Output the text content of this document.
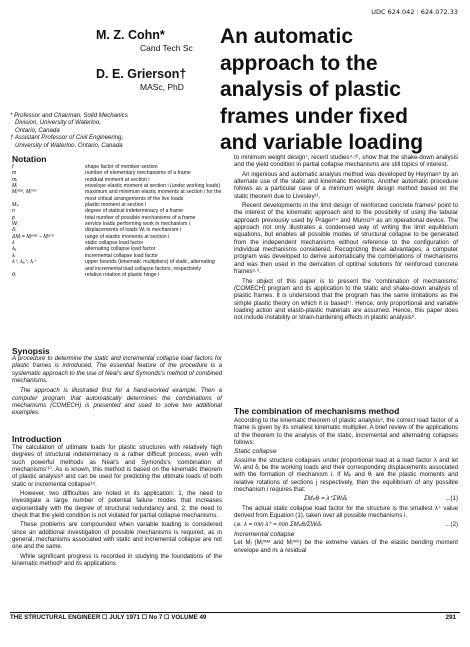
UDC 624.042 : 624.072.33
M. Z. Cohn*
Cand Tech Sc
D. E. Grierson†
MASc, PhD
An automatic
approach to the
analysis of plastic
frames under fixed
and variable loading

* Professor and Chairman, Solid Mechanics

Division, University of Waterloo,

Ontario, Canada

† Assistant Professor of Civil Engineering,

University of Waterloo, Ontario, Canada

Notation
f	shape factor of member section
m	number of elementary mechanisms of a frame
mᵢ	residual moment at section i
Mᵢ	envelope elastic moment at section i (under working loads)
Mᵢᵐᵃˣ, Mᵢᵐⁱⁿ	maximum and minimum elastic moments at section i for the most critical arrangements of the live loads
Mₚ	plastic moment at section i
n	degree of statical indeterminacy of a frame
p	total number of possible mechanisms of a frame
Wᵢ	service loads performing work in mechanism i
δᵢ	displacements of loads Wᵢ in mechanism i
ΔMᵢ = Mᵢᵐᵃˣ − Mᵢᵐⁱⁿ	range of elastic moments at section i
λ	static collapse load factor
λₐ	alternating collapse load factor
λᵢ	incremental collapse load factor
λ⁺, λₐ⁺, λᵢ⁺	upper bounds (kinematic multipliers) of static, alternating and incremental load collapse factors, respectively
θᵢ	relative rotation of plastic hinge i
Synopsis

A procedure to determine the static and incremental collapse load factors for plastic frames is introduced. The essential feature of the procedure is a systematic approach to the use of Neal's and Symonds's method of combined mechanisms.

The approach is illustrated first for a hand-worked example. Then a computer program that automatically determines the combinations of mechanisms (COMECH) is presented and used to solve two additional examples.

Introduction

The calculation of ultimate loads for plastic structures with relatively high degrees of structural indeterminacy is a rather difficult process, even with such powerful methods as Neal's and Symonds's 'combination of mechanisms'¹⁰. As is known, this method is based on the kinematic theorem of plastic analysis⁸ and can be used for predicting the ultimate loads of both static or incremental collapse¹⁶.

However, two difficulties are noted in its application: 1, the need to investigate a large number of potential failure modes that increases exponentially with the degree of structural redundancy and, 2, the need to check that the yield condition is not violated for partial collapse mechanisms.

These problems are compounded when variable loading is considered since an additional investigation of possible mechanisms is required, as in general, mechanisms associated with static and incremental collapse are not one and the same.

While significant progress is recorded in studying the foundations of the kinematic method⁸ and its applications

to minimum weight design⁷, recent studies⁴·¹⁶, show that the shake-down analysis and the yield condition in partial collapse mechanisms are still topics of interest.

An ingenious and automatic analysis method was developed by Heyman⁵ by an alternate use of the static and kinematic theorems. Another automatic procedure follows as a particular case of a minimum weight design method based on the static theorem due to Livesley¹¹.

Recent developments in the limit design of reinforced concrete frames² point to the interest of the kinematic approach and to the possibility of using the tabular approach previously used by Prager¹⁴ and Munro¹³ as an operational device. The approach not only illustrates a condensed way of writing the limit equilibrium equations, but enables all possible modes of structural collapse to be generated from the independent mechanisms without reference to the configuration of individual mechanisms considered. Recognizing these advantages, a computer program was developed to derive automatically the combinations of mechanisms and was then used in the derivation of optimal solutions for reinforced concrete frames³·⁹.

The object of this paper is to present the 'combination of mechanisms' (COMECH) program and its application to the static and shake-down analysis of plastic frames. It is understood that the program has the same limitations as the simple plastic theory on which it is based¹⁷. Hence, only proportional and variable loading action and elasto-plastic materials are assumed. Hence, this paper does not include instability or strain-hardening effects in plastic analysis⁶.

The combination of mechanisms method

According to the kinematic theorem of plastic analysis⁸, the correct load factor of a frame is given by its smallest kinematic multiplier. A brief review of the applications of the theorem to the analysis of the static, incremental and alternating collapses follows:

Static collapse

Assume the structure collapses under proportional load at a load factor λ and let Wᵢ and δᵢ be the working loads and their corresponding displacements associated with the formation of mechanism i. If Mₚ and θᵢ are the plastic moments and relative rotations of sections j respectively, then the equilibrium of any possible mechanism i requires that:

ΣMₚθᵢ = λ⁺ΣWᵢδᵢ	...(1)

The actual static collapse load factor for the structure is the smallest λ⁺ value derived from Equation (1), taken over all possible mechanisms i.

i.e. λ = min λ⁺ = min ΣMₚθᵢ/ΣWᵢδᵢ	...(2)

Incremental collapse

Let Mᵢ (Mᵢᵐᵃˣ and Mᵢᵐⁱⁿ) be the extreme values of the elastic bending moment envelope and mᵢ a residual

THE STRUCTURAL ENGINEER ☐ JULY 1971 ☐ No 7 ☐ VOLUME 49	291
